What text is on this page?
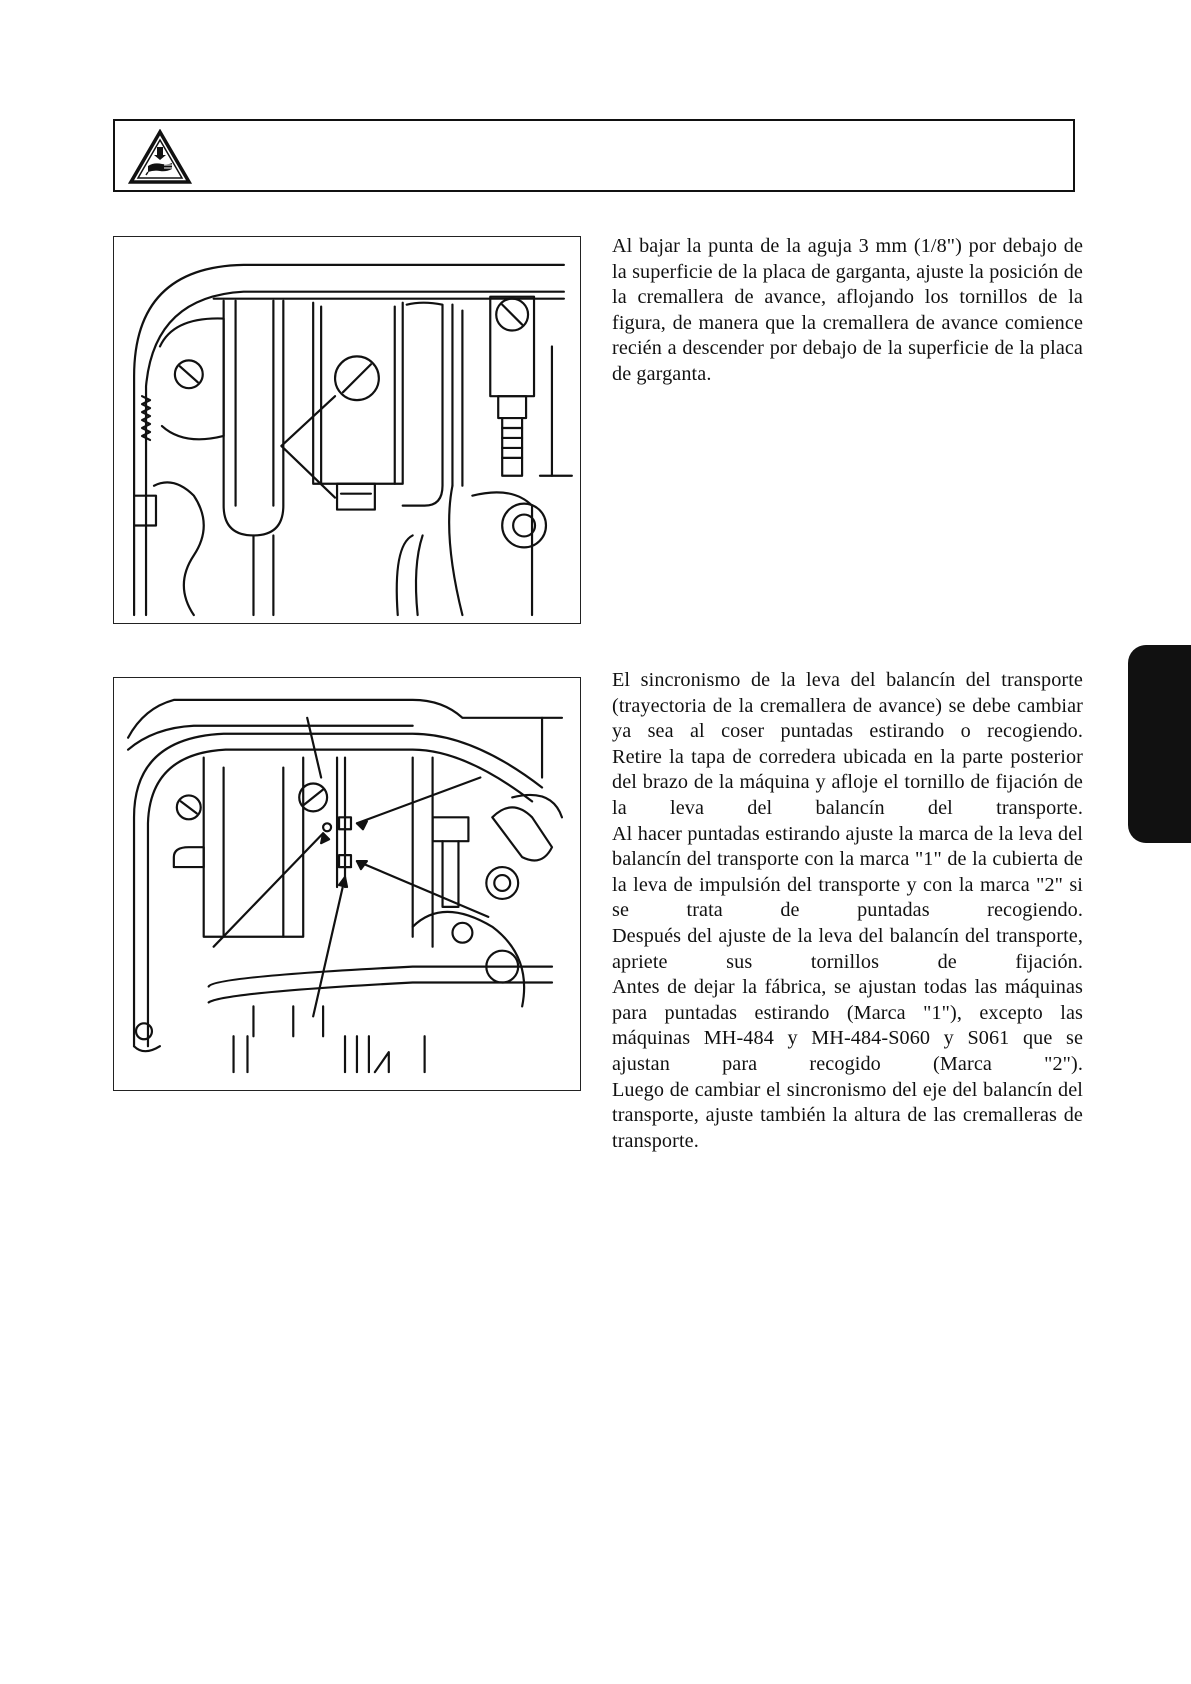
Al bajar la punta de la aguja 3 mm (1/8") por debajo de la superficie de la placa de garganta, ajuste la posición de la cremallera de avance, aflojando los tornillos de la figura, de manera que la cremallera de avance comience recién a descender por debajo de la superficie de la placa de garganta.

El sincronismo de la leva del balancín del transporte (trayectoria de la cremallera de avance) se debe cambiar ya sea al coser puntadas estirando o recogiendo.

Retire la tapa de corredera ubicada en la parte posterior del brazo de la máquina y afloje el tornillo de fijación de la leva del balancín del transporte.

Al hacer puntadas estirando ajuste la marca de la leva del balancín del transporte con la marca "1" de la cubierta de la leva de impulsión del transporte y con la marca "2" si se trata de puntadas recogiendo.

Después del ajuste de la leva del balancín del transporte, apriete sus tornillos de fijación.

Antes de dejar la fábrica, se ajustan todas las máquinas para puntadas estirando (Marca "1"), excepto las máquinas MH-484 y MH-484-S060 y S061 que se ajustan para recogido (Marca "2").

Luego de cambiar el sincronismo del eje del balancín del transporte, ajuste también la altura de las cremalleras de transporte.
